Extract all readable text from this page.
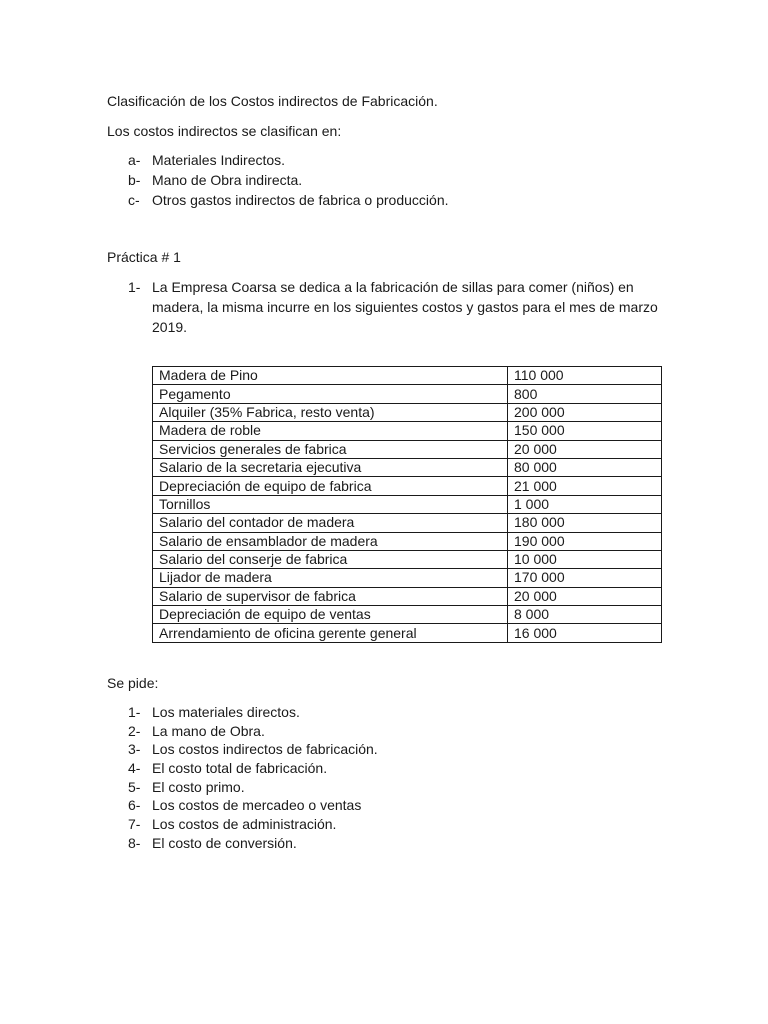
Clasificación de los Costos indirectos de Fabricación.
Los costos indirectos se clasifican en:
a- Materiales Indirectos.
b- Mano de Obra indirecta.
c- Otros gastos indirectos de fabrica o producción.
Práctica # 1
1- La Empresa Coarsa se dedica a la fabricación de sillas para comer (niños) en madera, la misma incurre en los siguientes costos y gastos para el mes de marzo 2019.
Madera de Pino	110 000
Pegamento	800
Alquiler (35% Fabrica, resto venta)	200 000
Madera de roble	150 000
Servicios generales de fabrica	20 000
Salario de la secretaria ejecutiva	80 000
Depreciación de equipo de fabrica	21 000
Tornillos	1 000
Salario del contador de madera	180 000
Salario de ensamblador de madera	190 000
Salario del conserje de fabrica	10 000
Lijador de madera	170 000
Salario de supervisor de fabrica	20 000
Depreciación de equipo de ventas	8 000
Arrendamiento de oficina gerente general	16 000
Se pide:
1- Los materiales directos.
2- La mano de Obra.
3- Los costos indirectos de fabricación.
4- El costo total de fabricación.
5- El costo primo.
6- Los costos de mercadeo o ventas
7- Los costos de administración.
8- El costo de conversión.
